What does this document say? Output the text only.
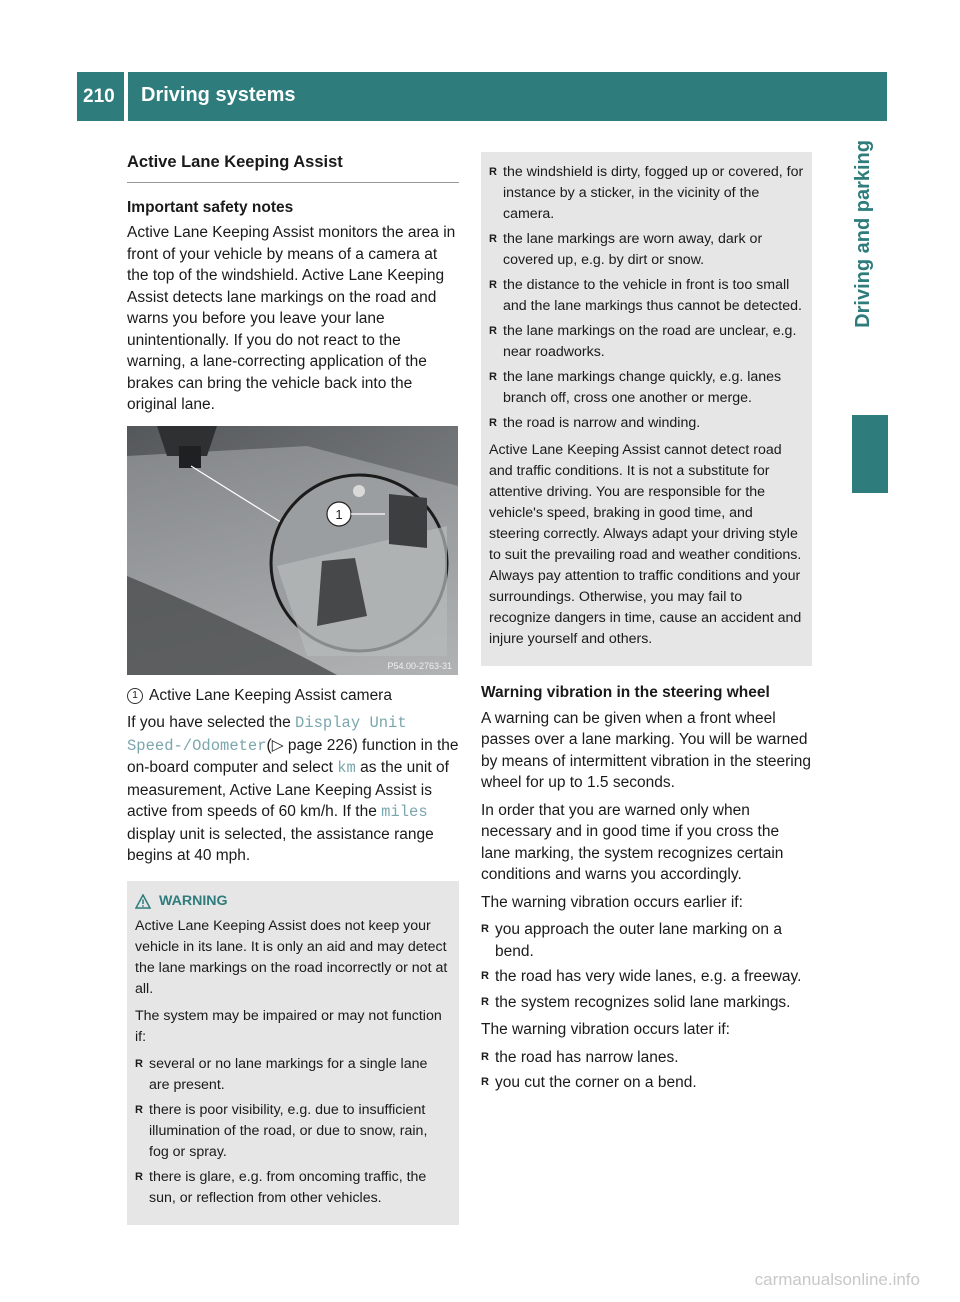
210 Driving systems
Driving and parking
Active Lane Keeping Assist
Important safety notes

Active Lane Keeping Assist monitors the area in front of your vehicle by means of a camera at the top of the windshield. Active Lane Keeping Assist detects lane markings on the road and warns you before you leave your lane unintentionally. If you do not react to the warning, a lane-correcting application of the brakes can bring the vehicle back into the original lane.

1
P54.00-2763-31

1 Active Lane Keeping Assist camera

If you have selected the Display Unit Speed-/Odometer(▷ page 226) function in the on-board computer and select km as the unit of measurement, Active Lane Keeping Assist is active from speeds of 60 km/h. If the miles display unit is selected, the assistance range begins at 40 mph.

WARNING

Active Lane Keeping Assist does not keep your vehicle in its lane. It is only an aid and may detect the lane markings on the road incorrectly or not at all.

The system may be impaired or may not function if:

R several or no lane markings for a single lane are present.
R there is poor visibility, e.g. due to insufficient illumination of the road, or due to snow, rain, fog or spray.
R there is glare, e.g. from oncoming traffic, the sun, or reflection from other vehicles.
R the windshield is dirty, fogged up or covered, for instance by a sticker, in the vicinity of the camera.
R the lane markings are worn away, dark or covered up, e.g. by dirt or snow.
R the distance to the vehicle in front is too small and the lane markings thus cannot be detected.
R the lane markings on the road are unclear, e.g. near roadworks.
R the lane markings change quickly, e.g. lanes branch off, cross one another or merge.
R the road is narrow and winding.

Active Lane Keeping Assist cannot detect road and traffic conditions. It is not a substitute for attentive driving. You are responsible for the vehicle's speed, braking in good time, and steering correctly. Always adapt your driving style to suit the prevailing road and weather conditions. Always pay attention to traffic conditions and your surroundings. Otherwise, you may fail to recognize dangers in time, cause an accident and injure yourself and others.

Warning vibration in the steering wheel

A warning can be given when a front wheel passes over a lane marking. You will be warned by means of intermittent vibration in the steering wheel for up to 1.5 seconds.

In order that you are warned only when necessary and in good time if you cross the lane marking, the system recognizes certain conditions and warns you accordingly.

The warning vibration occurs earlier if:

R you approach the outer lane marking on a bend.
R the road has very wide lanes, e.g. a freeway.
R the system recognizes solid lane markings.

The warning vibration occurs later if:

R the road has narrow lanes.
R you cut the corner on a bend.
carmanualsonline.info
